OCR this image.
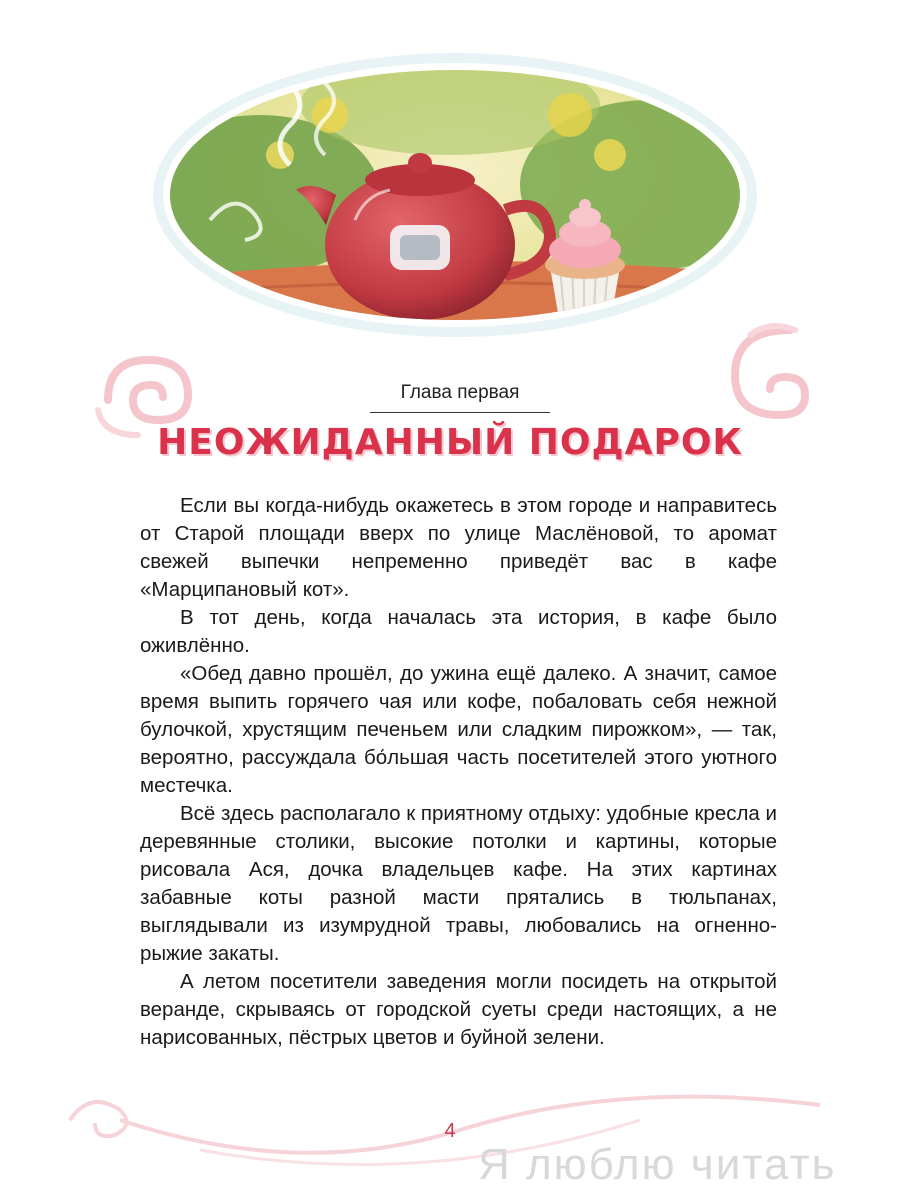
Глава первая
НЕОЖИДАННЫЙ ПОДАРОК

Если вы когда-нибудь окажетесь в этом городе и направитесь от Старой площади вверх по улице Маслёновой, то аромат свежей выпечки непременно приведёт вас в кафе «Марципановый кот».

В тот день, когда началась эта история, в кафе было оживлённо.

«Обед давно прошёл, до ужина ещё далеко. А значит, самое время выпить горячего чая или кофе, побаловать себя нежной булочкой, хрустящим печеньем или сладким пирожком», — так, вероятно, рассуждала бо́льшая часть посетителей этого уютного местечка.

Всё здесь располагало к приятному отдыху: удобные кресла и деревянные столики, высокие потолки и картины, которые рисовала Ася, дочка владельцев кафе. На этих картинах забавные коты разной масти прятались в тюльпанах, выглядывали из изумрудной травы, любовались на огненно-рыжие закаты.

А летом посетители заведения могли посидеть на открытой веранде, скрываясь от городской суеты среди настоящих, а не нарисованных, пёстрых цветов и буйной зелени.

4
Я люблю читать
